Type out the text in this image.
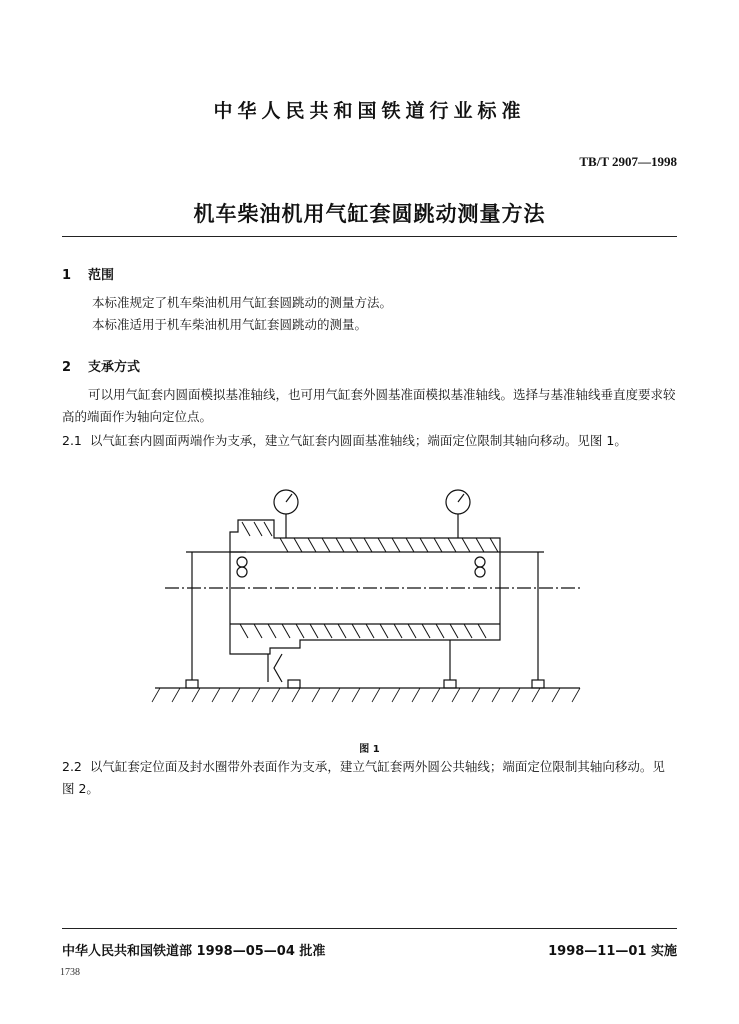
中华人民共和国铁道行业标准
TB/T 2907—1998
机车柴油机用气缸套圆跳动测量方法
1 范围
本标准规定了机车柴油机用气缸套圆跳动的测量方法。
本标准适用于机车柴油机用气缸套圆跳动的测量。
2 支承方式
可以用气缸套内圆面模拟基准轴线，也可用气缸套外圆基准面模拟基准轴线。选择与基准轴线垂直度要求较高的端面作为轴向定位点。
2.1 以气缸套内圆面两端作为支承，建立气缸套内圆面基准轴线；端面定位限制其轴向移动。见图 1。
图 1
2.2 以气缸套定位面及封水圈带外表面作为支承，建立气缸套两外圆公共轴线；端面定位限制其轴向移动。见图 2。
中华人民共和国铁道部 1998—05—04 批准	1998—11—01 实施
1738
